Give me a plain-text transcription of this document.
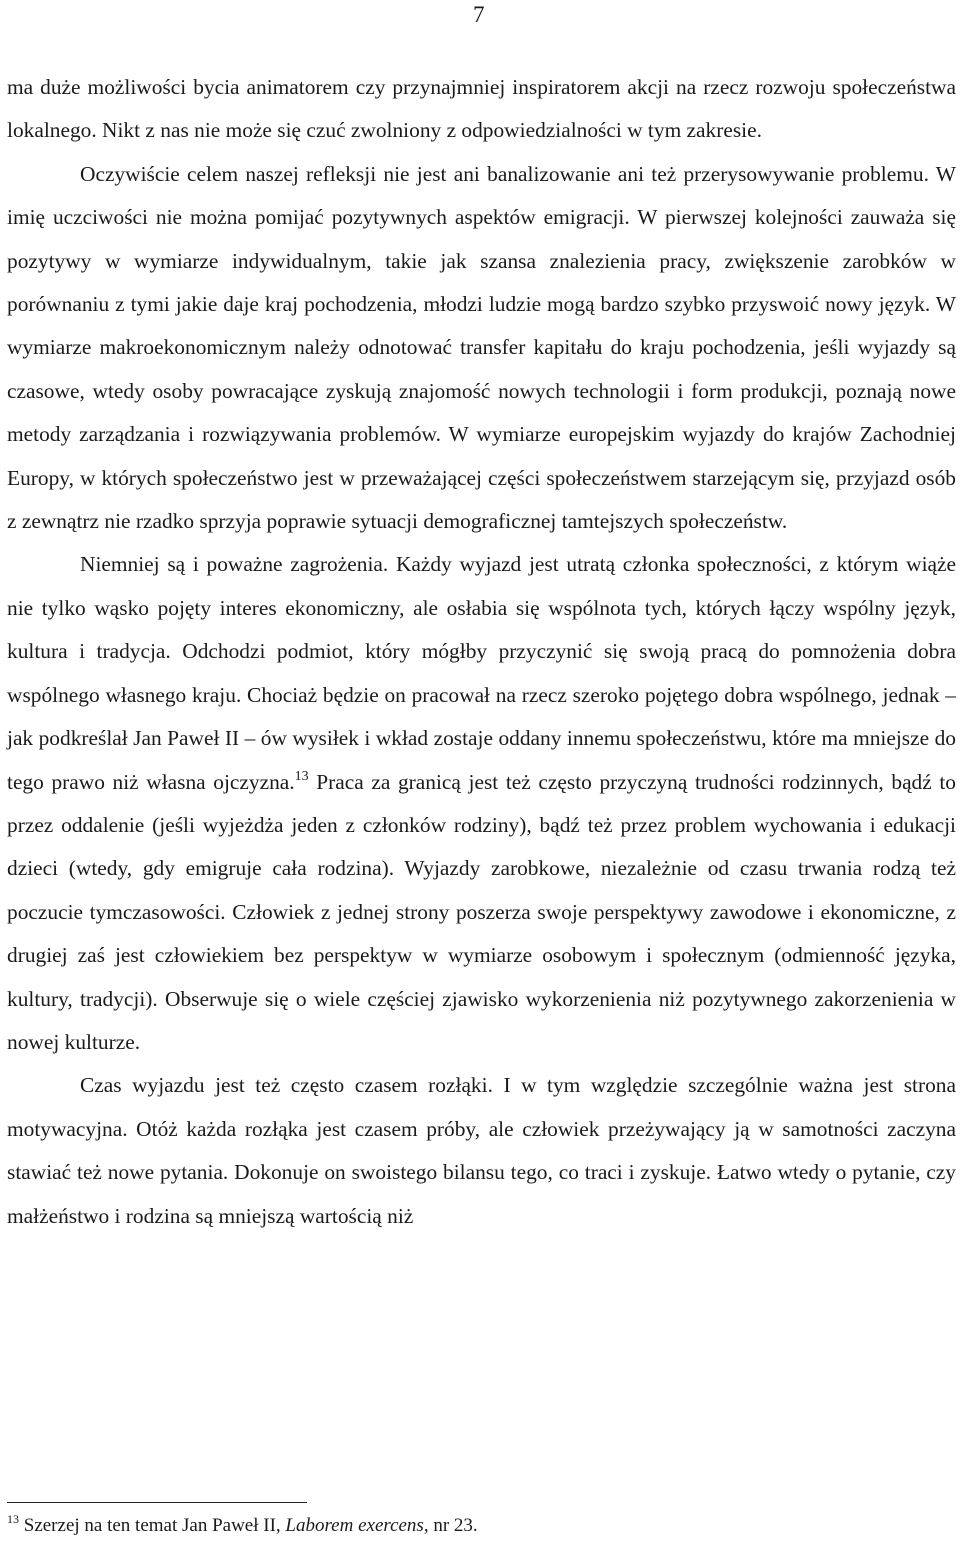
7

ma duże możliwości bycia animatorem czy przynajmniej inspiratorem akcji na rzecz rozwoju społeczeństwa lokalnego. Nikt z nas nie może się czuć zwolniony z odpowiedzialności w tym zakresie.

Oczywiście celem naszej refleksji nie jest ani banalizowanie ani też przerysowywanie problemu. W imię uczciwości nie można pomijać pozytywnych aspektów emigracji. W pierwszej kolejności zauważa się pozytywy w wymiarze indywidualnym, takie jak szansa znalezienia pracy, zwiększenie zarobków w porównaniu z tymi jakie daje kraj pochodzenia, młodzi ludzie mogą bardzo szybko przyswoić nowy język. W wymiarze makroekonomicznym należy odnotować transfer kapitału do kraju pochodzenia, jeśli wyjazdy są czasowe, wtedy osoby powracające zyskują znajomość nowych technologii i form produkcji, poznają nowe metody zarządzania i rozwiązywania problemów. W wymiarze europejskim wyjazdy do krajów Zachodniej Europy, w których społeczeństwo jest w przeważającej części społeczeństwem starzejącym się, przyjazd osób z zewnątrz nie rzadko sprzyja poprawie sytuacji demograficznej tamtejszych społeczeństw.

Niemniej są i poważne zagrożenia. Każdy wyjazd jest utratą członka społeczności, z którym wiąże nie tylko wąsko pojęty interes ekonomiczny, ale osłabia się wspólnota tych, których łączy wspólny język, kultura i tradycja. Odchodzi podmiot, który mógłby przyczynić się swoją pracą do pomnożenia dobra wspólnego własnego kraju. Chociaż będzie on pracował na rzecz szeroko pojętego dobra wspólnego, jednak – jak podkreślał Jan Paweł II – ów wysiłek i wkład zostaje oddany innemu społeczeństwu, które ma mniejsze do tego prawo niż własna ojczyzna.$^{13}$ Praca za granicą jest też często przyczyną trudności rodzinnych, bądź to przez oddalenie (jeśli wyjeżdża jeden z członków rodziny), bądź też przez problem wychowania i edukacji dzieci (wtedy, gdy emigruje cała rodzina). Wyjazdy zarobkowe, niezależnie od czasu trwania rodzą też poczucie tymczasowości. Człowiek z jednej strony poszerza swoje perspektywy zawodowe i ekonomiczne, z drugiej zaś jest człowiekiem bez perspektyw w wymiarze osobowym i społecznym (odmienność języka, kultury, tradycji). Obserwuje się o wiele częściej zjawisko wykorzenienia niż pozytywnego zakorzenienia w nowej kulturze.

Czas wyjazdu jest też często czasem rozłąki. I w tym względzie szczególnie ważna jest strona motywacyjna. Otóż każda rozłąka jest czasem próby, ale człowiek przeżywający ją w samotności zaczyna stawiać też nowe pytania. Dokonuje on swoistego bilansu tego, co traci i zyskuje. Łatwo wtedy o pytanie, czy małżeństwo i rodzina są mniejszą wartością niż

$^{13}$ Szerzej na ten temat Jan Paweł II, Laborem exercens, nr 23.
